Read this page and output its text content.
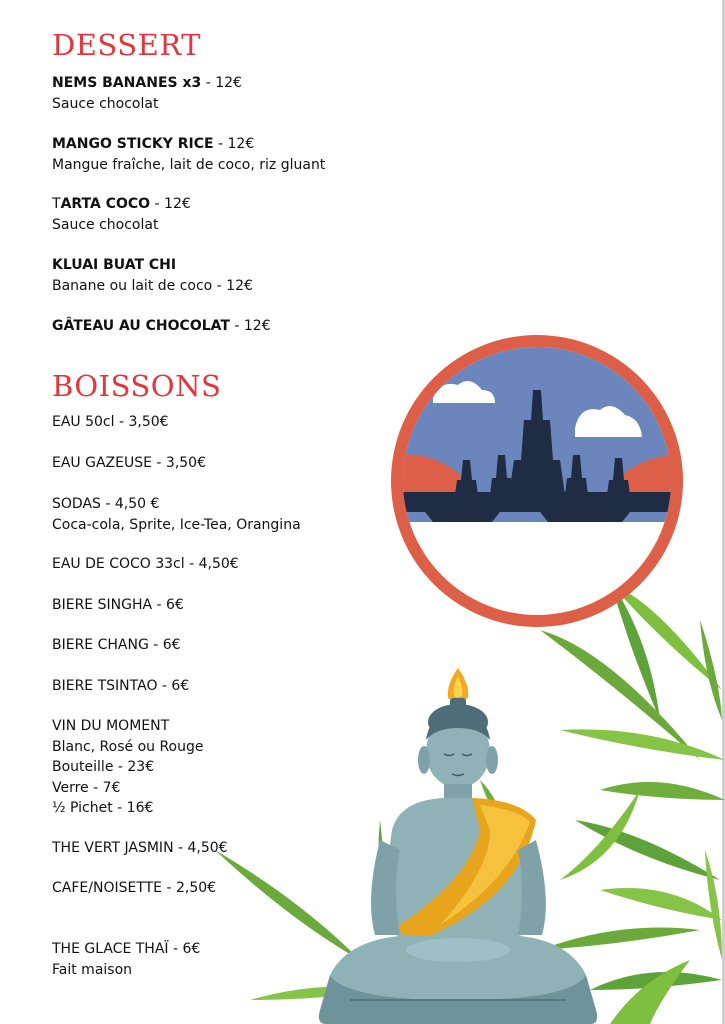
BANGKOK
THAILAND
DESSERT
NEMS BANANES x3 - 12€
Sauce chocolat
MANGO STICKY RICE - 12€
Mangue fraîche, lait de coco, riz gluant
TARTA COCO - 12€
Sauce chocolat
KLUAI BUAT CHI
Banane ou lait de coco - 12€
GÂTEAU AU CHOCOLAT - 12€
BOISSONS
EAU 50cl - 3,50€
EAU GAZEUSE - 3,50€
SODAS - 4,50 €
Coca-cola, Sprite, Ice-Tea, Orangina
EAU DE COCO 33cl - 4,50€
BIERE SINGHA - 6€
BIERE CHANG - 6€
BIERE TSINTAO - 6€
VIN DU MOMENT
Blanc, Rosé ou Rouge
Bouteille - 23€
Verre - 7€
½ Pichet - 16€
THE VERT JASMIN - 4,50€
CAFE/NOISETTE - 2,50€
THE GLACE THAÏ - 6€
Fait maison
